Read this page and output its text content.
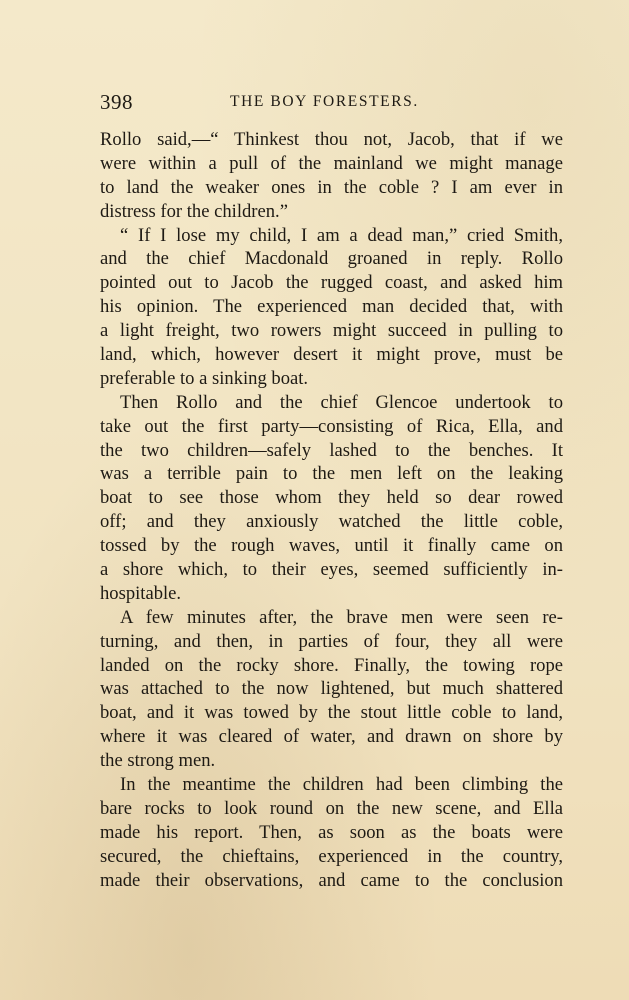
398	THE BOY FORESTERS.
Rollo said,—“ Thinkest thou not, Jacob, that if we
were within a pull of the mainland we might manage
to land the weaker ones in the coble ? I am ever in
distress for the children.”
“ If I lose my child, I am a dead man,” cried Smith,
and the chief Macdonald groaned in reply. Rollo
pointed out to Jacob the rugged coast, and asked him
his opinion. The experienced man decided that, with
a light freight, two rowers might succeed in pulling to
land, which, however desert it might prove, must be
preferable to a sinking boat.
Then Rollo and the chief Glencoe undertook to
take out the first party—consisting of Rica, Ella, and
the two children—safely lashed to the benches. It
was a terrible pain to the men left on the leaking
boat to see those whom they held so dear rowed
off; and they anxiously watched the little coble,
tossed by the rough waves, until it finally came on
a shore which, to their eyes, seemed sufficiently in-
hospitable.
A few minutes after, the brave men were seen re-
turning, and then, in parties of four, they all were
landed on the rocky shore. Finally, the towing rope
was attached to the now lightened, but much shattered
boat, and it was towed by the stout little coble to land,
where it was cleared of water, and drawn on shore by
the strong men.
In the meantime the children had been climbing the
bare rocks to look round on the new scene, and Ella
made his report. Then, as soon as the boats were
secured, the chieftains, experienced in the country,
made their observations, and came to the conclusion
